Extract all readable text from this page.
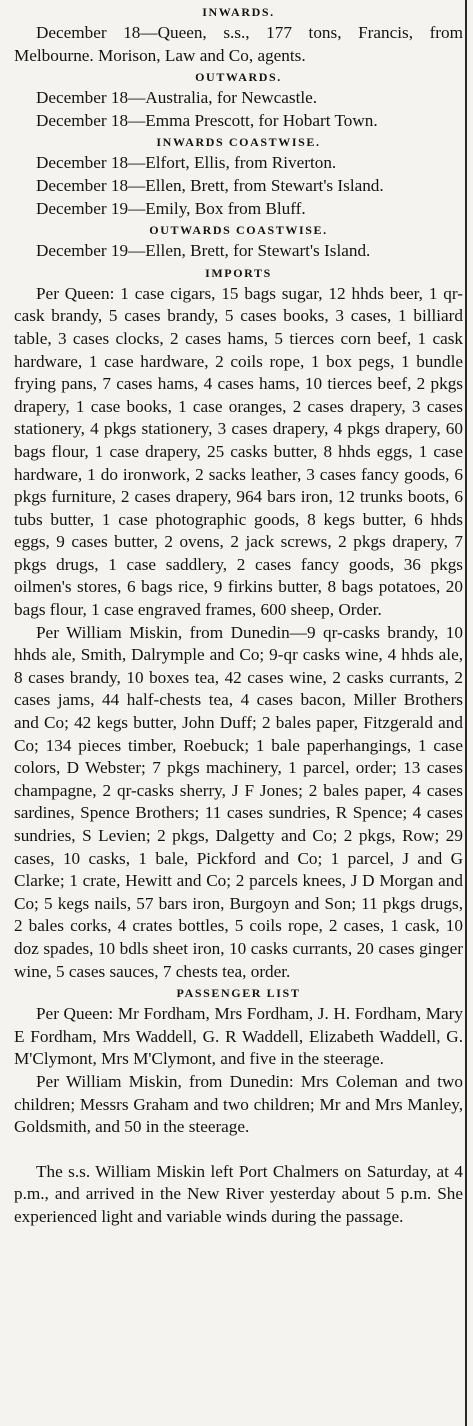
INWARDS.
December 18—Queen, s.s., 177 tons, Francis, from Melbourne. Morison, Law and Co, agents.
OUTWARDS.
December 18—Australia, for Newcastle.
December 18—Emma Prescott, for Hobart Town.
INWARDS COASTWISE.
December 18—Elfort, Ellis, from Riverton.
December 18—Ellen, Brett, from Stewart's Island.
December 19—Emily, Box from Bluff.
OUTWARDS COASTWISE.
December 19—Ellen, Brett, for Stewart's Island.
IMPORTS
Per Queen: 1 case cigars, 15 bags sugar, 12 hhds beer, 1 qr-cask brandy, 5 cases brandy, 5 cases books, 3 cases, 1 billiard table, 3 cases clocks, 2 cases hams, 5 tierces corn beef, 1 cask hardware, 1 case hardware, 2 coils rope, 1 box pegs, 1 bundle frying pans, 7 cases hams, 4 cases hams, 10 tierces beef, 2 pkgs drapery, 1 case books, 1 case oranges, 2 cases drapery, 3 cases stationery, 4 pkgs stationery, 3 cases drapery, 4 pkgs drapery, 60 bags flour, 1 case drapery, 25 casks butter, 8 hhds eggs, 1 case hardware, 1 do ironwork, 2 sacks leather, 3 cases fancy goods, 6 pkgs furniture, 2 cases drapery, 964 bars iron, 12 trunks boots, 6 tubs butter, 1 case photographic goods, 8 kegs butter, 6 hhds eggs, 9 cases butter, 2 ovens, 2 jack screws, 2 pkgs drapery, 7 pkgs drugs, 1 case saddlery, 2 cases fancy goods, 36 pkgs oilmen's stores, 6 bags rice, 9 firkins butter, 8 bags potatoes, 20 bags flour, 1 case engraved frames, 600 sheep, Order.
Per William Miskin, from Dunedin—9 qr-casks brandy, 10 hhds ale, Smith, Dalrymple and Co; 9-qr casks wine, 4 hhds ale, 8 cases brandy, 10 boxes tea, 42 cases wine, 2 casks currants, 2 cases jams, 44 half-chests tea, 4 cases bacon, Miller Brothers and Co; 42 kegs butter, John Duff; 2 bales paper, Fitzgerald and Co; 134 pieces timber, Roebuck; 1 bale paperhangings, 1 case colors, D Webster; 7 pkgs machinery, 1 parcel, order; 13 cases champagne, 2 qr-casks sherry, J F Jones; 2 bales paper, 4 cases sardines, Spence Brothers; 11 cases sundries, R Spence; 4 cases sundries, S Levien; 2 pkgs, Dalgetty and Co; 2 pkgs, Row; 29 cases, 10 casks, 1 bale, Pickford and Co; 1 parcel, J and G Clarke; 1 crate, Hewitt and Co; 2 parcels knees, J D Morgan and Co; 5 kegs nails, 57 bars iron, Burgoyn and Son; 11 pkgs drugs, 2 bales corks, 4 crates bottles, 5 coils rope, 2 cases, 1 cask, 10 doz spades, 10 bdls sheet iron, 10 casks currants, 20 cases ginger wine, 5 cases sauces, 7 chests tea, order.
PASSENGER LIST
Per Queen: Mr Fordham, Mrs Fordham, J. H. Fordham, Mary E Fordham, Mrs Waddell, G. R Waddell, Elizabeth Waddell, G. M'Clymont, Mrs M'Clymont, and five in the steerage.
Per William Miskin, from Dunedin: Mrs Coleman and two children; Messrs Graham and two children; Mr and Mrs Manley, Goldsmith, and 50 in the steerage.
The s.s. William Miskin left Port Chalmers on Saturday, at 4 p.m., and arrived in the New River yesterday about 5 p.m. She experienced light and variable winds during the passage.
